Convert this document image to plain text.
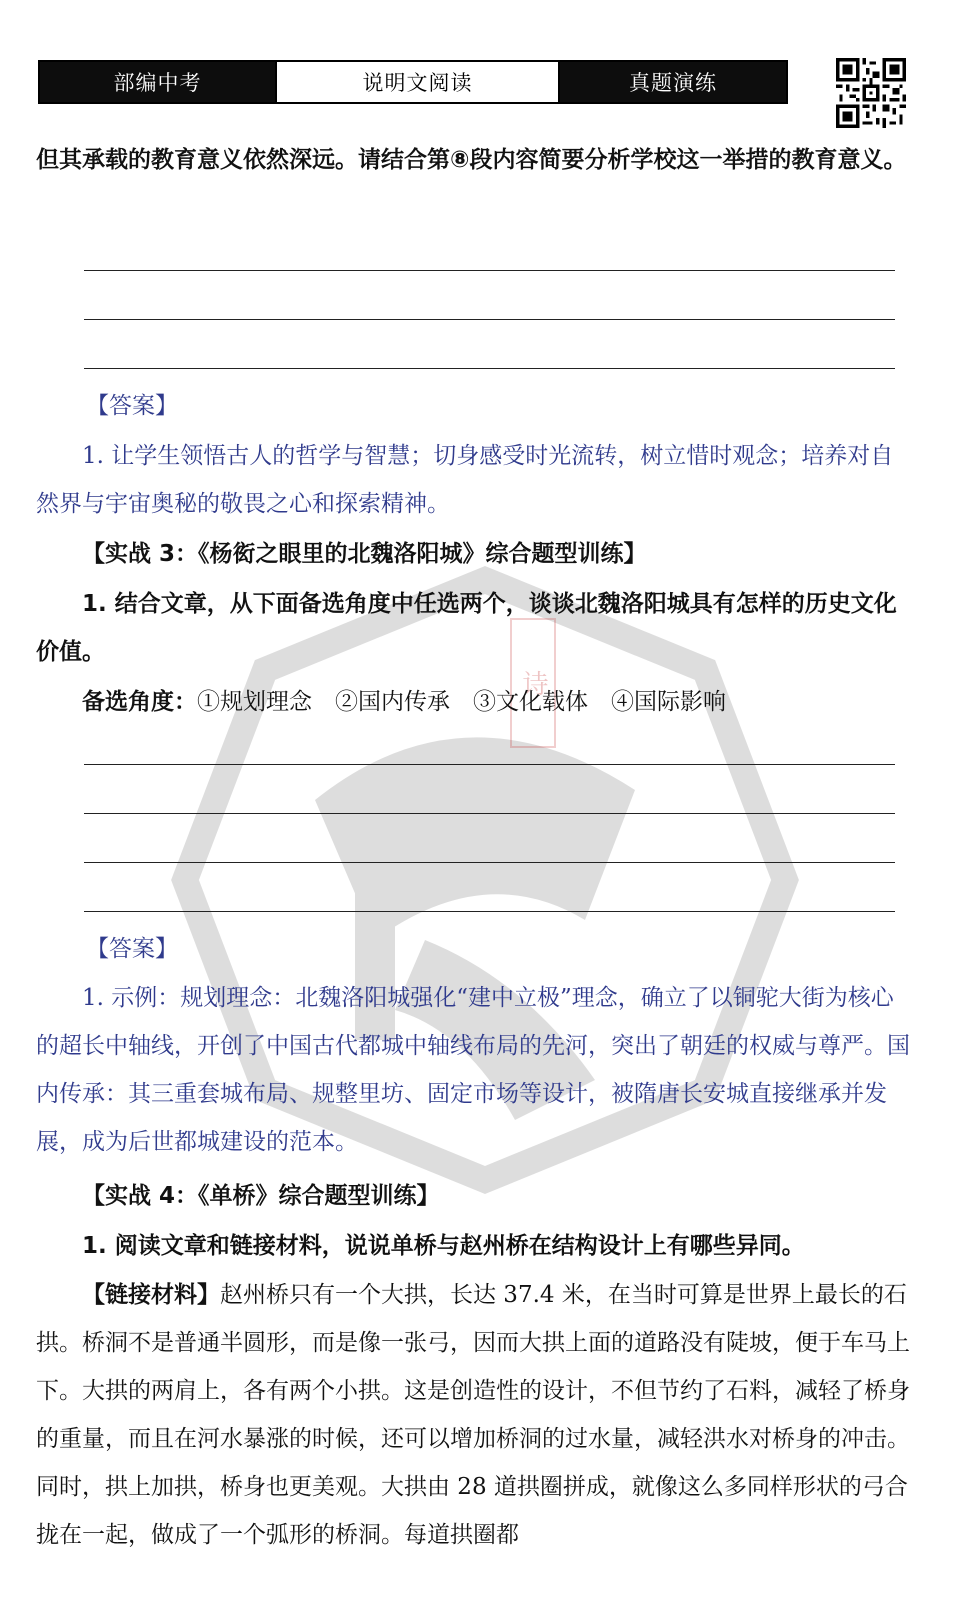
诗
部编中考	说明文阅读	真题演练
但其承载的教育意义依然深远。请结合第⑧段内容简要分析学校这一举措的教育意义。
【答案】
1. 让学生领悟古人的哲学与智慧；切身感受时光流转，树立惜时观念；培养对自然界与宇宙奥秘的敬畏之心和探索精神。
【实战 3：《杨衒之眼里的北魏洛阳城》综合题型训练】
1. 结合文章，从下面备选角度中任选两个，谈谈北魏洛阳城具有怎样的历史文化价值。
备选角度：①规划理念　②国内传承　③文化载体　④国际影响
【答案】
1. 示例：规划理念：北魏洛阳城强化“建中立极”理念，确立了以铜驼大街为核心的超长中轴线，开创了中国古代都城中轴线布局的先河，突出了朝廷的权威与尊严。国内传承：其三重套城布局、规整里坊、固定市场等设计，被隋唐长安城直接继承并发展，成为后世都城建设的范本。
【实战 4：《单桥》综合题型训练】
1. 阅读文章和链接材料，说说单桥与赵州桥在结构设计上有哪些异同。
【链接材料】赵州桥只有一个大拱，长达 37.4 米，在当时可算是世界上最长的石拱。桥洞不是普通半圆形，而是像一张弓，因而大拱上面的道路没有陡坡，便于车马上下。大拱的两肩上，各有两个小拱。这是创造性的设计，不但节约了石料，减轻了桥身的重量，而且在河水暴涨的时候，还可以增加桥洞的过水量，减轻洪水对桥身的冲击。同时，拱上加拱，桥身也更美观。大拱由 28 道拱圈拼成，就像这么多同样形状的弓合拢在一起，做成了一个弧形的桥洞。每道拱圈都
